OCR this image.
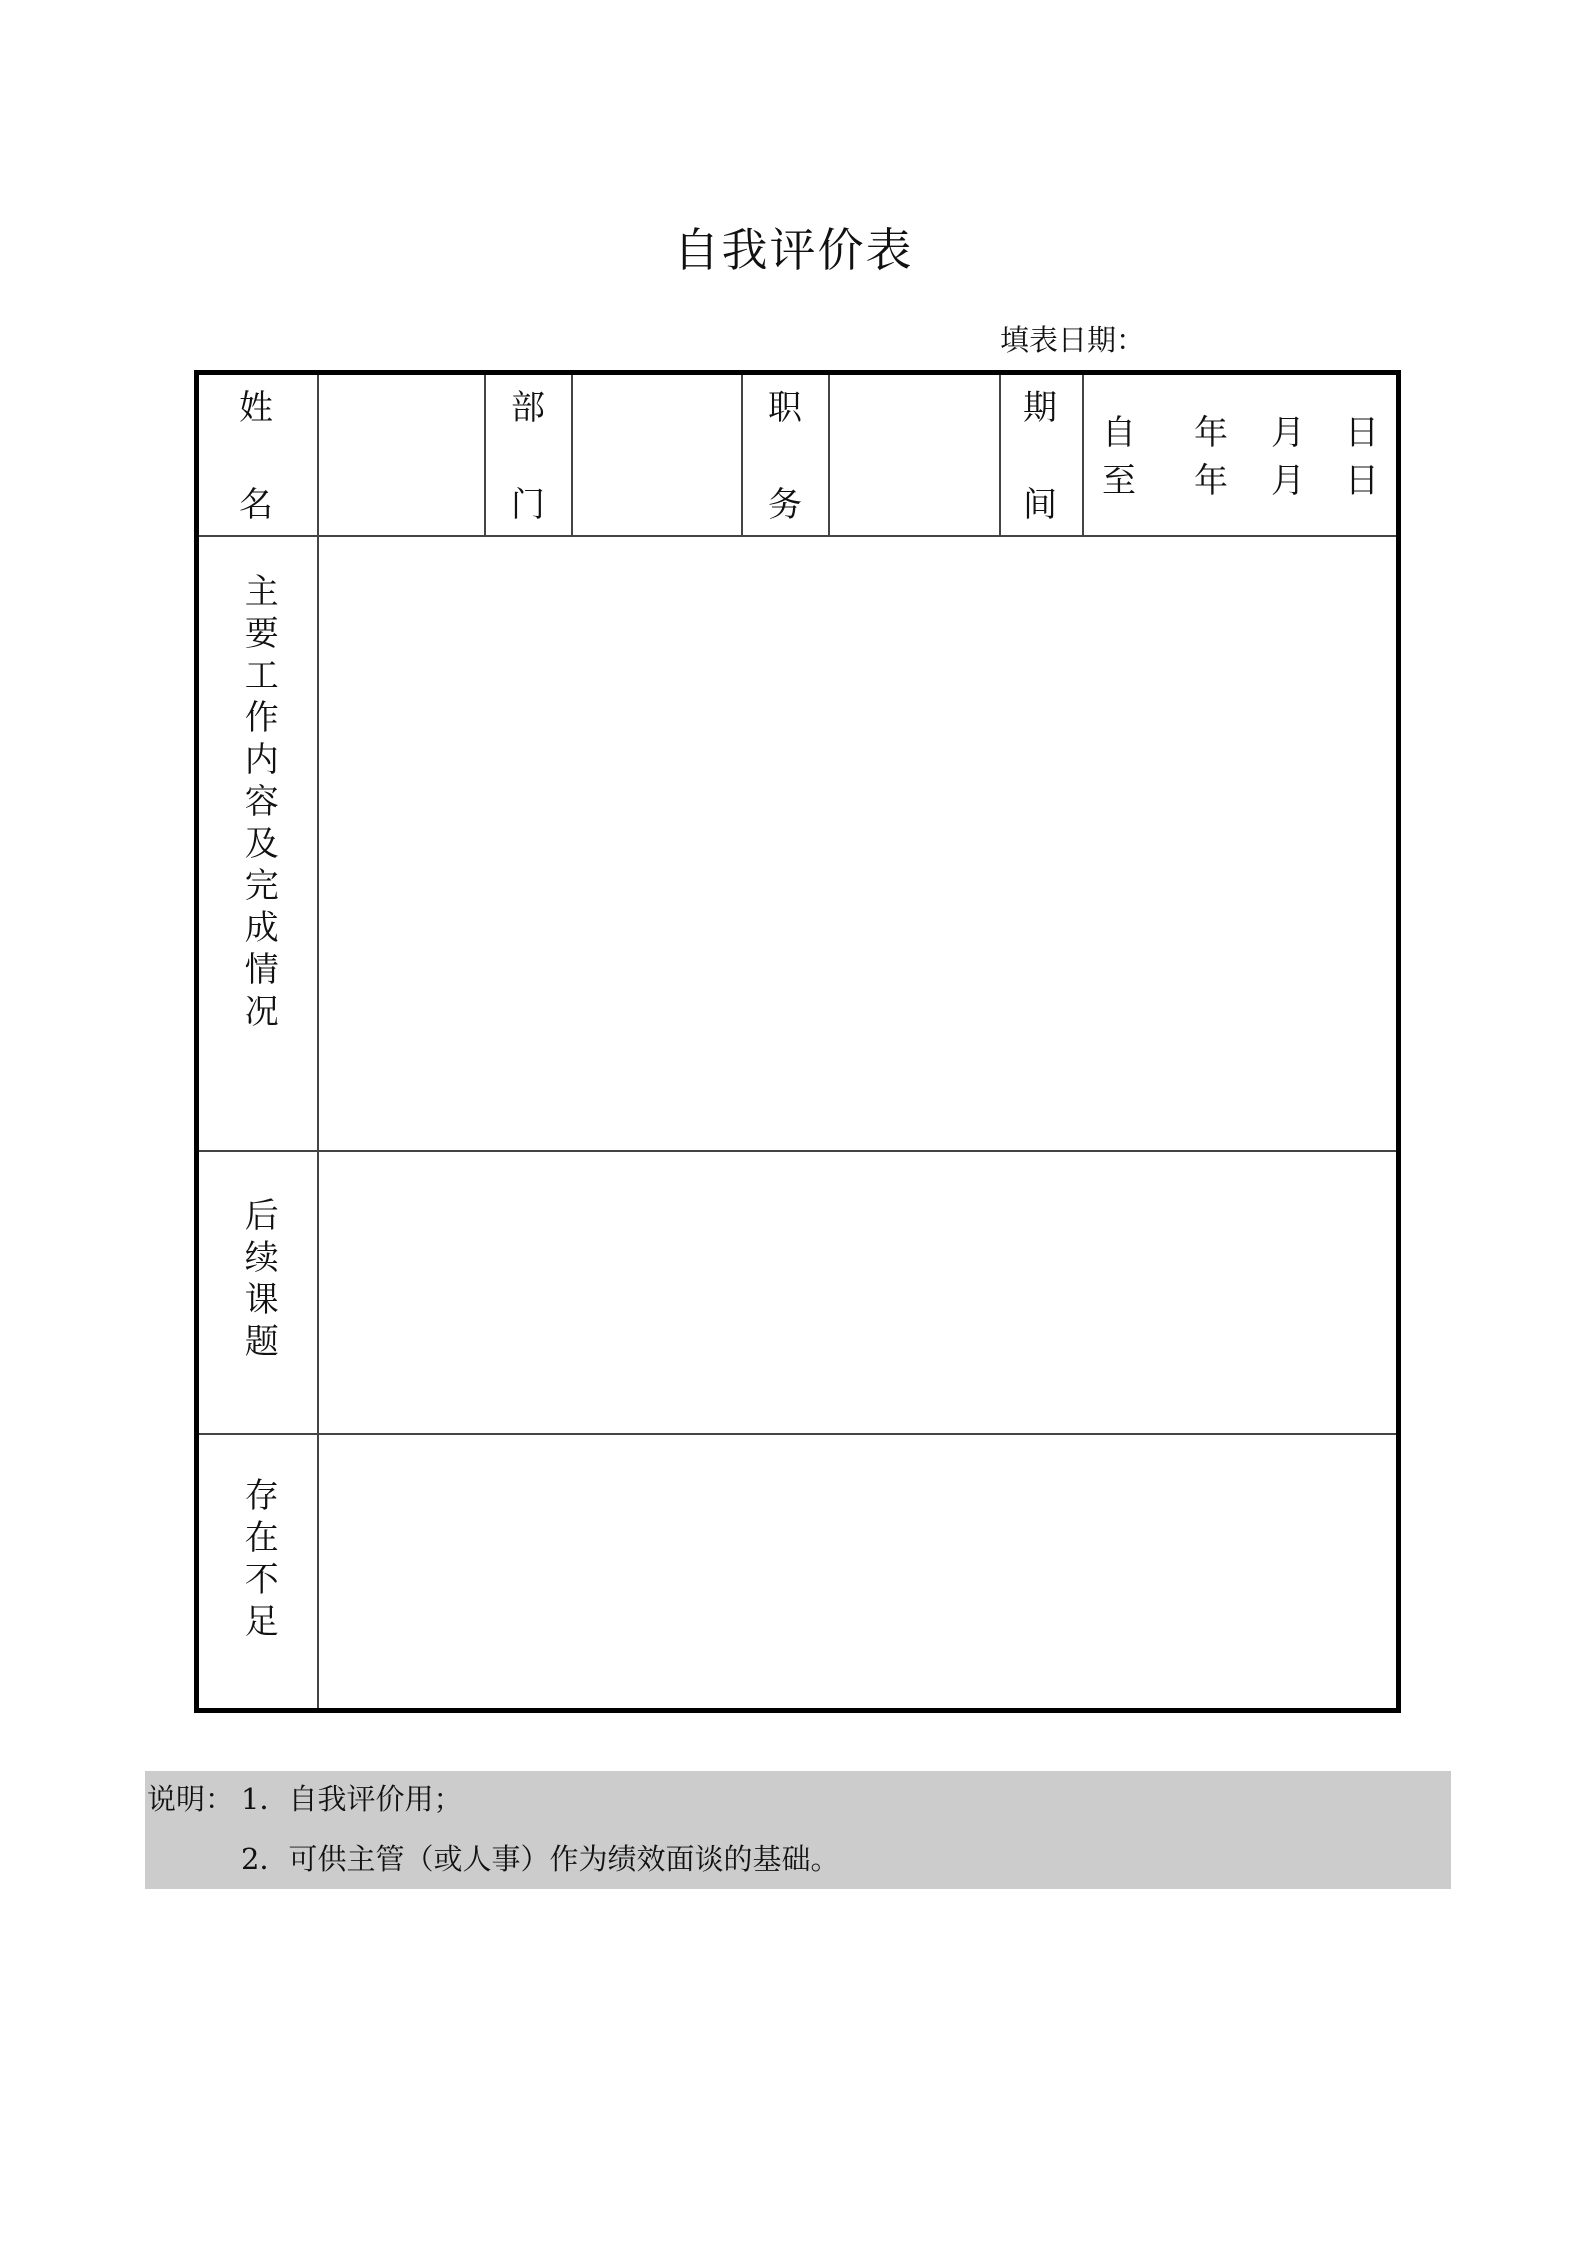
自我评价表
填表日期：
姓
名
部
门
职
务
期
间
自 年 月 日
至 年 月 日
主要工作内容及完成情况
后续课题
存在不足
说明： 1．自我评价用；
2．可供主管（或人事）作为绩效面谈的基础。
